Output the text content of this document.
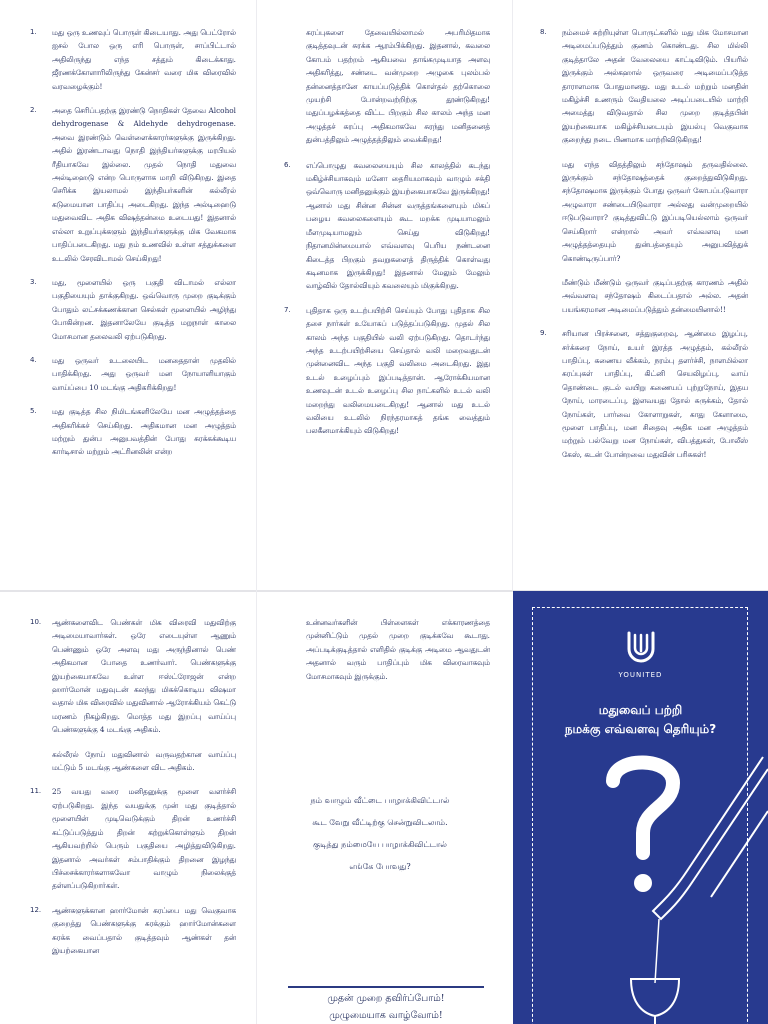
1.	மது ஒரு உணவுப் பொருள் கிடையாது. அது பெட்ரோல் ஐசல் போல ஒரு எரி பொருள், சாப்பிட்டால் அதிலிருந்து எந்த சத்தும் கிடைக்காது. ஜீரணக்கோளாரிலிருந்து கேன்சர் வரை மிக விரைவில் வரவழைக்கும்!
2.	அதை செரிப்பதற்கு இரண்டு நொதிகள் தேவை Alcohol dehydrogenase & Aldehyde dehydrogenase. அவை இரண்டும் வெள்ளைக்காரர்களுக்கு இருக்கிறது. அதில் இரண்டாவது நொதி இந்தியர்களுக்கு மரபியல் ரீதியாகவே இல்லை. முதல் நொதி மதுவை அல்டிஹைடு என்ற பொருளாக மாறி விடுகிறது. இதை செரிக்க இயலாமல் இந்தியர்களின் கல்லீரல் கடுமையான பாதிப்பு அடைகிறது. இந்த அல்டிஹைடு மதுவைவிட அதிக விஷத்தன்மை உடையது! இதனால் எல்லா உறுப்புக்களும் இந்தியர்களுக்கு மிக வேகமாக பாதிப்படைகிறது. மது நம் உணவில் உள்ள சத்துக்களை உடலில் சேரவிடாமல் செய்கிறது!
3.	மது, மூளையில் ஒரு பகுதி விடாமல் எல்லா பகுதியையும் தாக்குகிறது. ஒவ்வொரு முறை குடிக்கும் போதும் லட்சக்கணக்கான செல்கள் மூளையில் அழிந்து போகின்றன. இதனாலேயே குடித்த மறுநாள் காலை மோசமான தலைவலி ஏற்படுகிறது.
4.	மது ஒருவர் உடலையிட மனதைதான் முதலில் பாதிக்கிறது. அது ஒருவர் மன நோயாளியாகும் வாய்ப்பை 10 மடங்கு அதிகரிக்கிறது!
5.	மது குடித்த சில நிமிடங்களிலேயே மன அழுத்தத்தை அதிகரிக்கச் செய்கிறது. அதிகமான மன அழுத்தம் மற்றும் துன்ப அனுபவத்தின் போது சுரக்கக்கூடிய கார்டிசால் மற்றும் அட்ரினலின் என்ற

சுரப்புகளை தேவையில்லாமல் அபரிமிதமாக குடித்தவுடன் சுரக்க ஆரம்பிக்கிறது. இதனால், கவலை கோபம் பதற்றம் ஆகியவை தாங்கமுடியாத அளவு அதிகரித்து, சண்டை வன்முறை அழுகை புலம்பல் தன்னைத்தானே காயப்படுத்திக் கொள்தல் தற்கொலை முயற்சி போன்றவற்றிற்கு தூண்டுகிறது! மதுப்பழக்கத்தை விட்ட பிறகும் சில காலம் அந்த மன அழுத்தச் சுரப்பு அதிகமாகவே சுரந்து மனிதனைத் துன்பத்திலும் அழுத்தத்திலும் வைக்கிறது!

6.	எப்பொழுது கவலையையும் சில காலத்தில் கடந்து மகிழ்ச்சியாகவும் மனோ தைரியமாகவும் வாழும் சக்தி ஒவ்வொரு மனிதனுக்கும் இயற்கையாகவே இருக்கிறது! ஆனால் மது சின்ன சின்ன வருத்தங்களையும் மிகப் பழைய கவலைகளையும் கூட மறக்க முடியாமலும் மீளமுடியாமலும் செய்து விடுகிறது! நிதானமின்மையால் எவ்வளவு பெரிய நண்டனை கிடைத்த பிறகும் தவறுகளைத் திருத்திக் கொள்வது கடினமாக இருக்கிறது! இதனால் மேலும் மேலும் வாழ்வில் தோல்வியும் கவலையும் மிகுக்கிறது.
7.	புதிதாக ஒரு உடற்பயிற்சி செய்யும் போது புதிதாக சில தசை நார்கள் உயோகப் படுத்தப்படுகிறது. முதல் சில காலம் அந்த பகுதியில் வலி ஏற்படுகிறது. தொடர்ந்து அந்த உடற்பயிற்சியை செய்தால் வலி மறைவதுடன் முன்னைவிட அந்த பகுதி வலிமை அடைகிறது. இது உடல் உழைப்பும் இப்படித்தான். ஆரோக்கியமான உணவுடன் உடல் உழைப்பு சில நாட்களில் உடல் வலி மறைந்து வலிமையடைகிறது! ஆனால் மது உடல் வலியை உடலில் நிரந்தரமாகத் தங்க வைத்தும் பலகீனமாக்கியும் விடுகிறது!
8.	நம்மைச் சுற்றியுள்ள பொருட்களில் மது மிக மோசமான அடிமைப்படுத்தும் குணம் கொண்டது. சில மில்லி குடித்தாலே அதன் வேலையை காட்டிவிடும். பியரில் இருக்கும் அல்கஹால் ஒருவரை அடிமைப்படுத்த தாராளமாக போதுமானது. மது உடல் மற்றும் மனதின் மகிழ்ச்சி உணரும் வேதியலை அடிப்படையில் மாற்றி அமைத்து விடுவதால் சில முறை குடித்தபின் இயற்கையாக மகிழ்ச்சியடையும் இயல்பு வெகுவாக குறைந்து நடை பிணமாக மாற்றிவிடுகிறது!
மது எந்த விதத்திலும் சந்தோஷம் தருவதில்லை. இருக்கும் சந்தோஷத்தைக் குறைத்துவிடுகிறது. சந்தோஷமாக இருக்கும் போது ஒருவர் கோபப்படுவாரா அழுவாரா சண்டையிடுவாரா அல்லது வன்முறையில் ஈடுபடுவாரா? குடித்துவிட்டு இப்படியெல்லாம் ஒருவர் செய்கிறார் என்றால் அவர் எவ்வளவு மன அழுத்தத்தையும் துன்பத்தையும் அனுபவித்துக் கொண்டிருப்பார்?
மீண்டும் மீண்டும் ஒருவர் குடிப்பதற்கு காரணம் அதில் அவ்வளவு சந்தோஷம் கிடைப்பதால் அல்ல. அதன் பயங்கரமான அடிமைப்படுத்தும் தன்மையினால்!!
9.	சரியான பிரச்சனை, சத்துகுறைவு, ஆண்மை இழப்பு, சர்க்கரை நோய், உயர் இரத்த அழுத்தம், கல்லீரல் பாதிப்பு, கணைய வீக்கம், நரம்பு தளர்ச்சி, நாளமில்லா சுரப்புகள் பாதிப்பு, கிட்னி செயலிழப்பு, வாய் தொண்டை குடல் வயிறு கணையப் புற்றுநோய், இதய நோய், மாரடைப்பு, இளவயது தோல் சுருக்கம், தோல் நோய்கள், பார்வை கோளாறுகள், காது கேளாமை, மூளை பாதிப்பு, மன சிதைவு அதிக மன அழுத்தம் மற்றும் பல்வேறு மன நோய்கள், விபத்துகள், போலீஸ் கேஸ், கடன் போன்றவை மதுவின் பரிசுகள்!
10.	ஆண்களைவிட பெண்கள் மிக விரைவி மதுவிற்கு அடிமையாவார்கள். ஒரே எடையுள்ள ஆணும் பெண்ணும் ஒரே அளவு மது அருந்தினால் பெண் அதிகமான போதை உணர்வார். பெண்களுக்கு இயற்கையாகவே உள்ள ஈஸ்ட்ரோஜன் என்ற ஹார்மோன் மதுவுடன் கலந்து மிகக்கொடிய விஷமா வதால் மிக விரைவில் மதுவினால் ஆரோக்கியம் கெட்டு மரணம் நிகழ்கிறது. மொத்த மது இறப்பு வாய்ப்பு பெண்களுக்கு 4 மடங்கு அதிகம்.
கல்லீரல் நோய் மதுவினால் வருவதற்கான வாய்ப்பு மட்டும் 5 மடங்கு ஆண்களை விட அதிகம்.
11.	25 வயது வரை மனிதனுக்கு மூளை வளர்ச்சி ஏற்படுகிறது. இந்த வயதுக்கு முன் மது குடித்தால் மூளையின் முடிவெடுக்கும் திறன் உணர்ச்சி கட்டுப்படுத்தும் திறன் கற்றுக்கொள்ளும் திறன் ஆகியவற்றில் பெரும் பகுதியை அழித்துவிடுகிறது. இதனால் அவர்கள் சம்பாதிக்கும் திறனை இழந்து பிச்சைக்காரர்களாகவோ வாழும் நிலைக்குத் தள்ளப்படுகிறார்கள்.
12.	ஆண்களுக்கான ஹார்மோன் சுரப்பை மது வெகுவாக குறைத்து பெண்களுக்கு சுரக்கும் ஹார்மோன்களை சுரக்க வைப்பதால் குடித்தவும் ஆண்கள் தன் இயற்கையான

உன்னவர்களின் பிள்ளைகள் எக்காரணத்தை முன்னிட்டும் முதல் முறை குடிக்கவே கூடாது. அப்படிக்குடித்தால் எளிதில் குடிக்கு அடிமை ஆவதுடன் அதனால் வரும் பாதிப்பும் மிக விரைவாகவும் மோசமாகவும் இருக்கும்.

நம் வாழும் வீட்டை பாழாக்கிவிட்டால்
கூட வேறு வீட்டிற்கு சென்றுவிடலாம்.
குடித்து நம்மையே பாழாக்கிவிட்டால்
எங்கே போவது?
முதன் முறை தவிர்ப்போம்!
முழுமையாக வாழ்வோம்!
YOUNITED
மதுவைப் பற்றி
நமக்கு எவ்வளவு தெரியும்?
